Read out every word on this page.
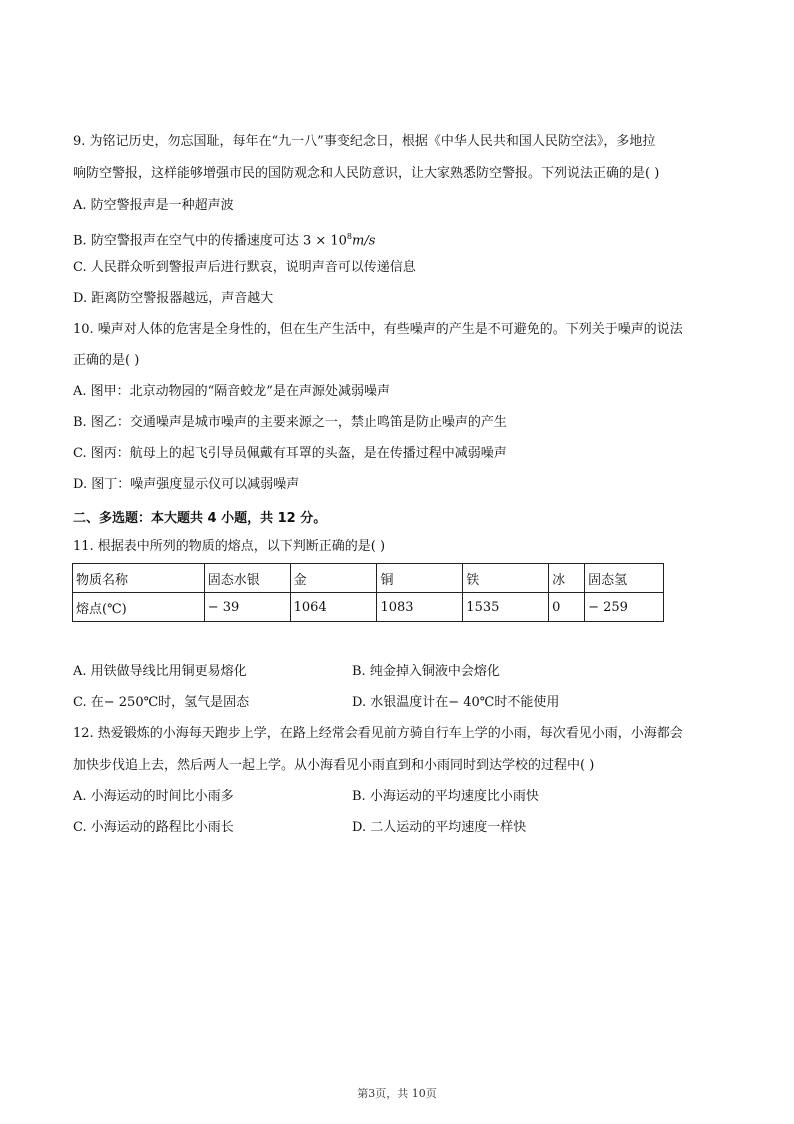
9. 为铭记历史，勿忘国耻，每年在“九一八”事变纪念日，根据《中华人民共和国人民防空法》，多地拉
响防空警报，这样能够增强市民的国防观念和人民防意识，让大家熟悉防空警报。下列说法正确的是( )
A. 防空警报声是一种超声波
B. 防空警报声在空气中的传播速度可达 $3 \times 10^8m/s$
C. 人民群众听到警报声后进行默哀，说明声音可以传递信息
D. 距离防空警报器越远，声音越大
10. 噪声对人体的危害是全身性的，但在生产生活中，有些噪声的产生是不可避免的。下列关于噪声的说法
正确的是( )
A. 图甲：北京动物园的“隔音蛟龙”是在声源处减弱噪声
B. 图乙：交通噪声是城市噪声的主要来源之一，禁止鸣笛是防止噪声的产生
C. 图丙：航母上的起飞引导员佩戴有耳罩的头盔，是在传播过程中减弱噪声
D. 图丁：噪声强度显示仪可以减弱噪声
二、多选题：本大题共 4 小题，共 12 分。
11. 根据表中所列的物质的熔点，以下判断正确的是( )
物质名称	固态水银	金	铜	铁	冰	固态氢
熔点(℃)	− 39	1064	1083	1535	0	− 259
A. 用铁做导线比用铜更易熔化	B. 纯金掉入铜液中会熔化
C. 在− 250℃时，氢气是固态	D. 水银温度计在− 40℃时不能使用
12. 热爱锻炼的小海每天跑步上学，在路上经常会看见前方骑自行车上学的小雨，每次看见小雨，小海都会
加快步伐追上去，然后两人一起上学。从小海看见小雨直到和小雨同时到达学校的过程中( )
A. 小海运动的时间比小雨多	B. 小海运动的平均速度比小雨快
C. 小海运动的路程比小雨长	D. 二人运动的平均速度一样快
第3页，共 10页
